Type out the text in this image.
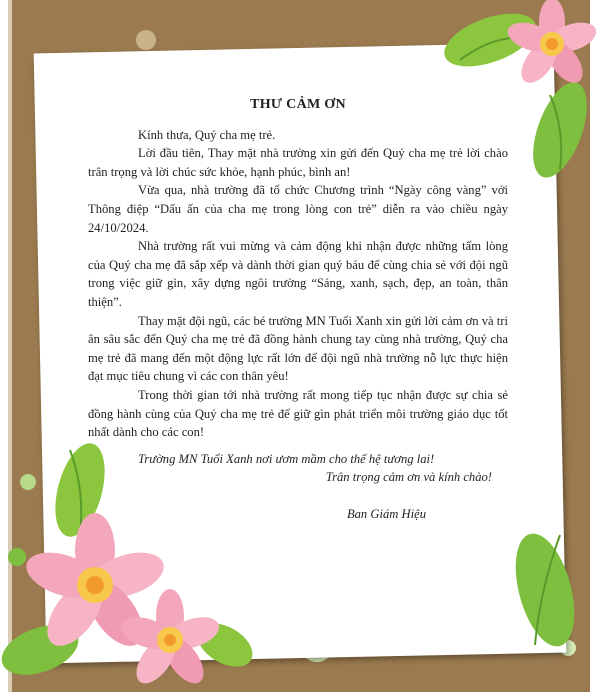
THƯ CẢM ƠN

Kính thưa, Quý cha mẹ trẻ.

Lời đầu tiên, Thay mặt nhà trường xin gửi đến Quý cha mẹ trẻ lời chào trân trọng và lời chúc sức khỏe, hạnh phúc, bình an!

Vừa qua, nhà trường đã tổ chức Chương trình “Ngày công vàng” với Thông điệp “Dấu ấn của cha mẹ trong lòng con trẻ” diễn ra vào chiều ngày 24/10/2024.

Nhà trường rất vui mừng và cảm động khi nhận được những tấm lòng của Quý cha mẹ đã sắp xếp và dành thời gian quý báu để cùng chia sẻ với đội ngũ trong việc giữ gìn, xây dựng ngôi trường “Sáng, xanh, sạch, đẹp, an toàn, thân thiện”.

Thay mặt đội ngũ, các bé trường MN Tuổi Xanh xin gửi lời cảm ơn và tri ân sâu sắc đến Quý cha mẹ trẻ đã đồng hành chung tay cùng nhà trường, Quý cha mẹ trẻ đã mang đến một động lực rất lớn để đội ngũ nhà trường nỗ lực thực hiện đạt mục tiêu chung vì các con thân yêu!

Trong thời gian tới nhà trường rất mong tiếp tục nhận được sự chia sẻ đồng hành cùng của Quý cha mẹ trẻ để giữ gìn phát triển môi trường giáo dục tốt nhất dành cho các con!

Trường MN Tuổi Xanh nơi ươm mầm cho thế hệ tương lai!

Trân trọng cảm ơn và kính chào!

Ban Giám Hiệu
